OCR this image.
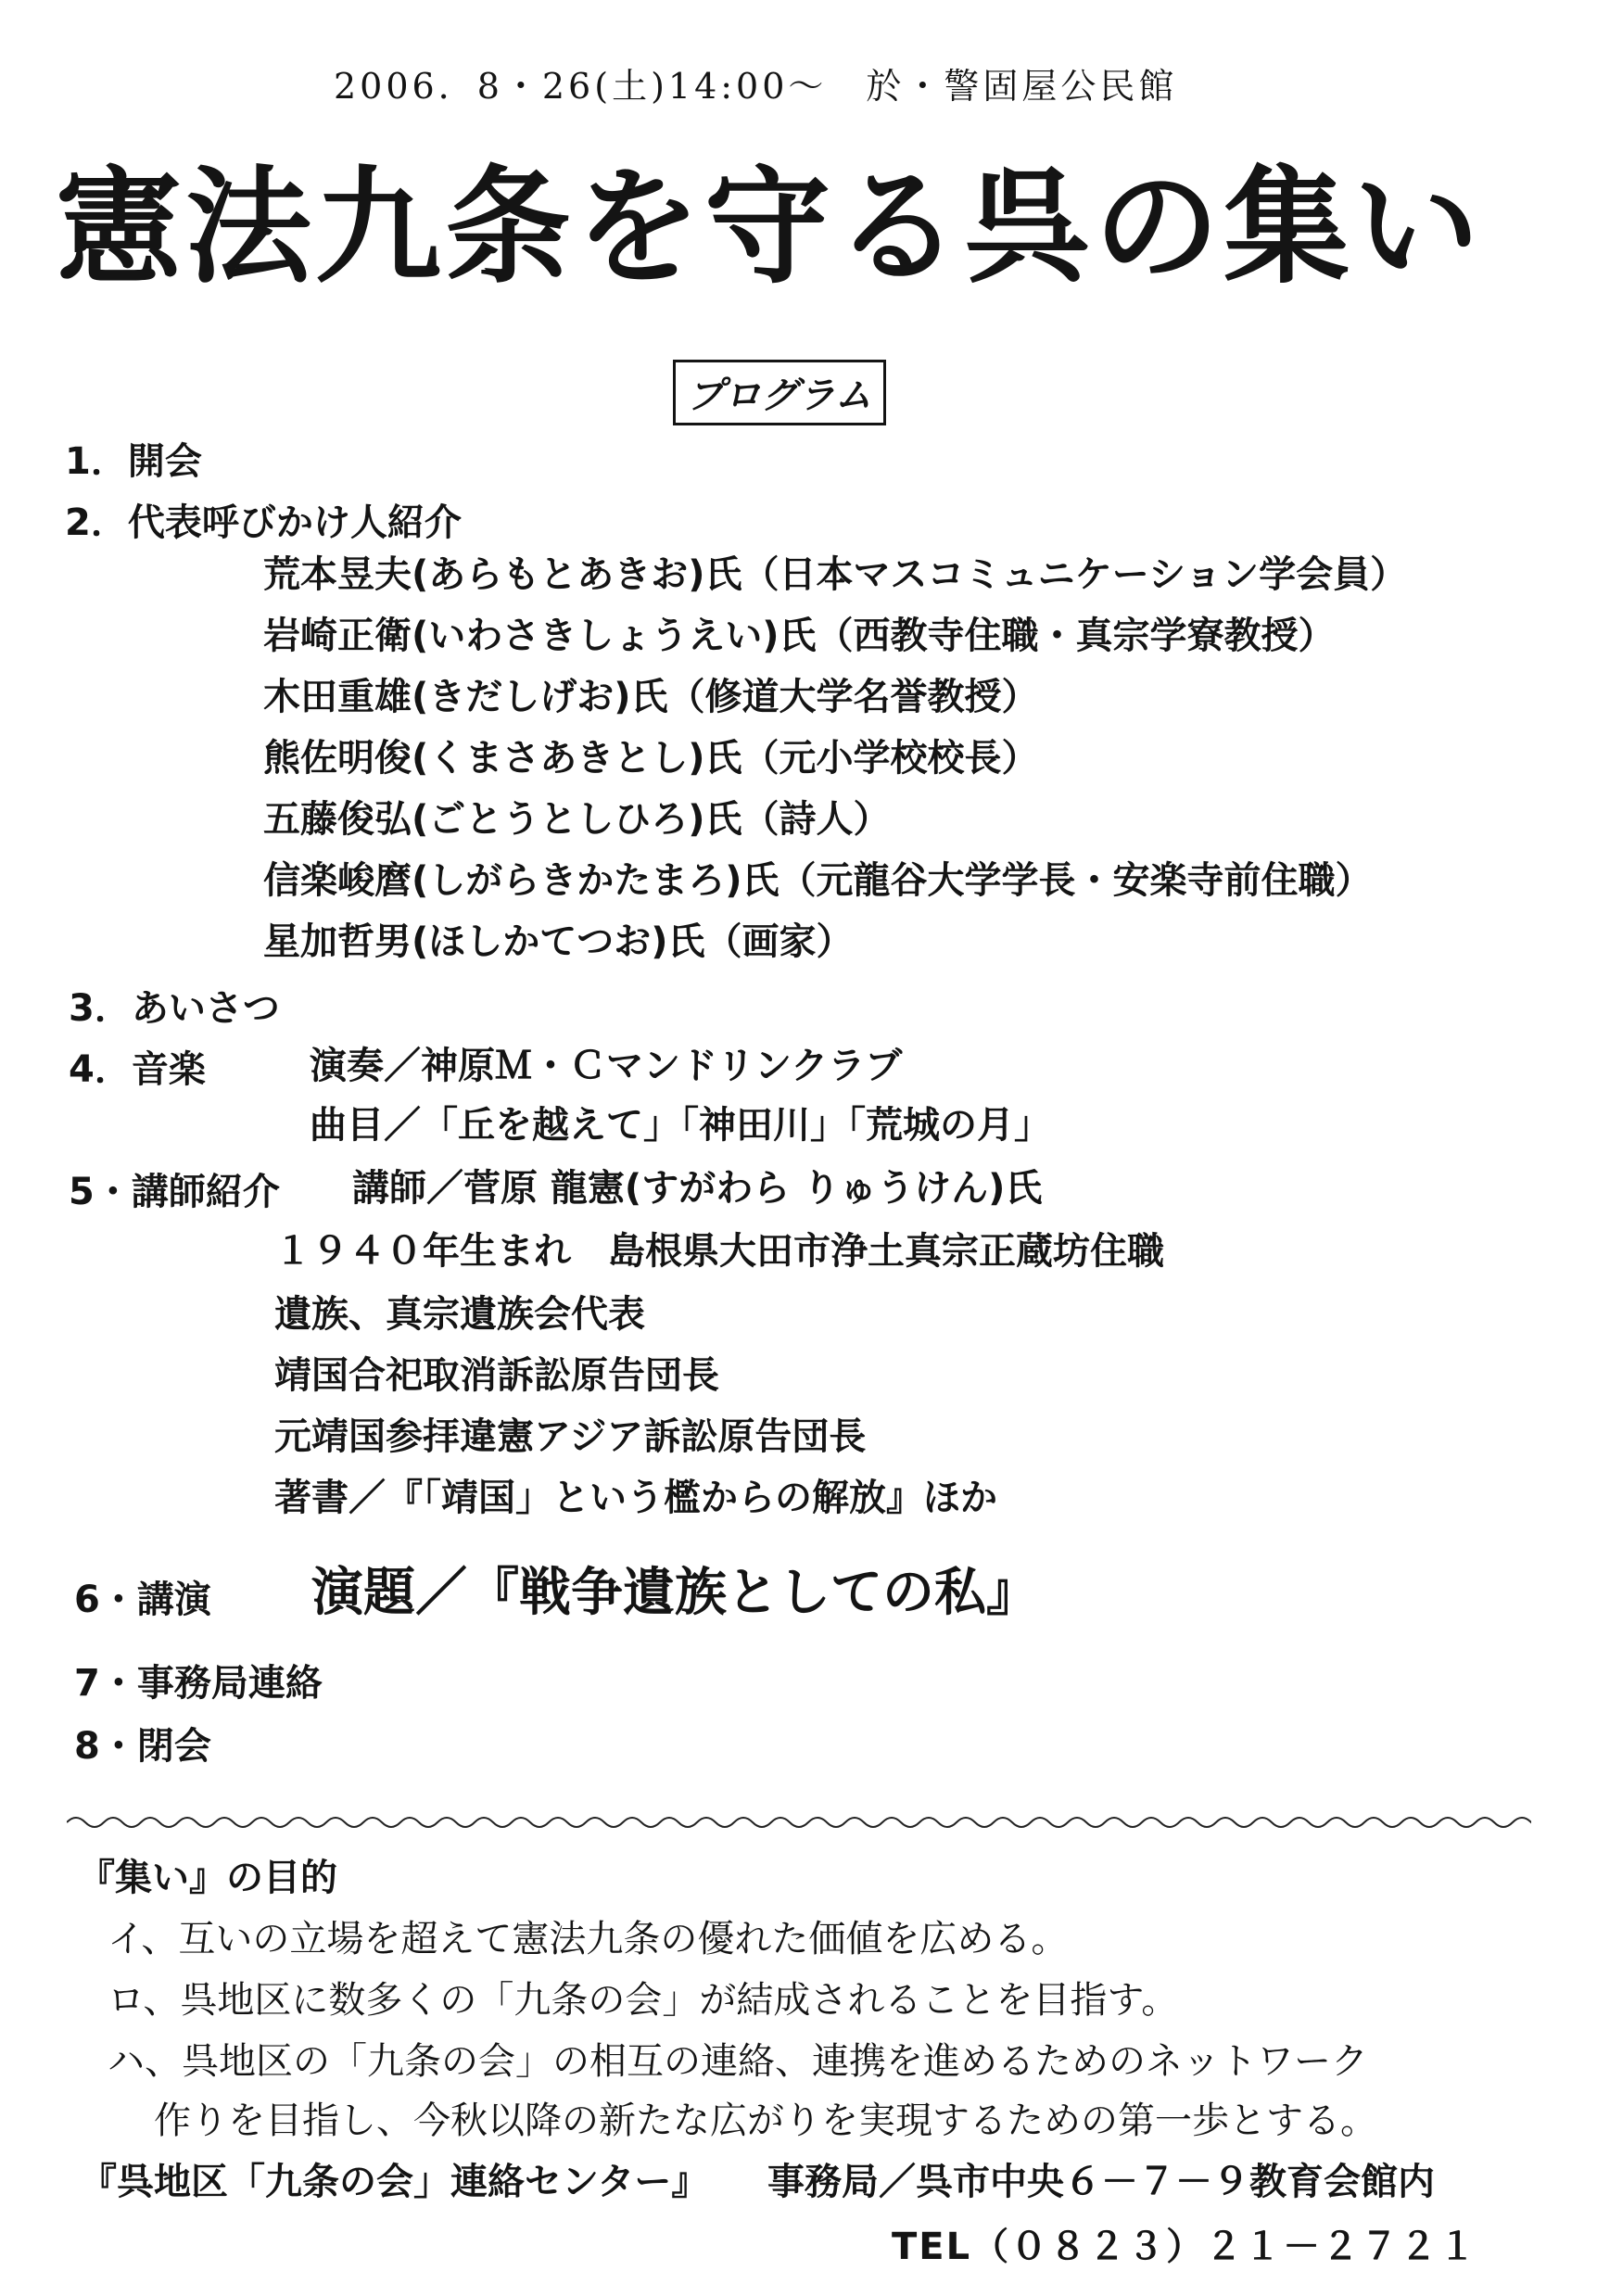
2006．8・26(土)14:00～　於・警固屋公民館
憲法九条を守る呉の集い
プログラム
1．開会
2．代表呼びかけ人紹介
荒本昱夫(あらもとあきお)氏（日本マスコミュニケーション学会員）
岩崎正衛(いわさきしょうえい)氏（西教寺住職・真宗学寮教授）
木田重雄(きだしげお)氏（修道大学名誉教授）
熊佐明俊(くまさあきとし)氏（元小学校校長）
五藤俊弘(ごとうとしひろ)氏（詩人）
信楽峻麿(しがらきかたまろ)氏（元龍谷大学学長・安楽寺前住職）
星加哲男(ほしかてつお)氏（画家）
3．あいさつ
4．音楽	演奏／神原Ｍ・Ｃマンドリンクラブ
曲目／「丘を越えて」「神田川」「荒城の月」
5・講師紹介 講師／菅原 龍憲(すがわら りゅうけん)氏
１９４０年生まれ　島根県大田市浄土真宗正蔵坊住職
遺族、真宗遺族会代表
靖国合祀取消訴訟原告団長
元靖国参拝違憲アジア訴訟原告団長
著書／『「靖国」という檻からの解放』ほか
6・講演 演題／『戦争遺族としての私』
7・事務局連絡
8・閉会
『集い』の目的
イ、互いの立場を超えて憲法九条の優れた価値を広める。
ロ、呉地区に数多くの「九条の会」が結成されることを目指す。
ハ、呉地区の「九条の会」の相互の連絡、連携を進めるためのネットワーク
作りを目指し、今秋以降の新たな広がりを実現するための第一歩とする。
『呉地区「九条の会」連絡センター』 事務局／呉市中央６－７－９教育会館内
TEL（０８２３）２１－２７２１
